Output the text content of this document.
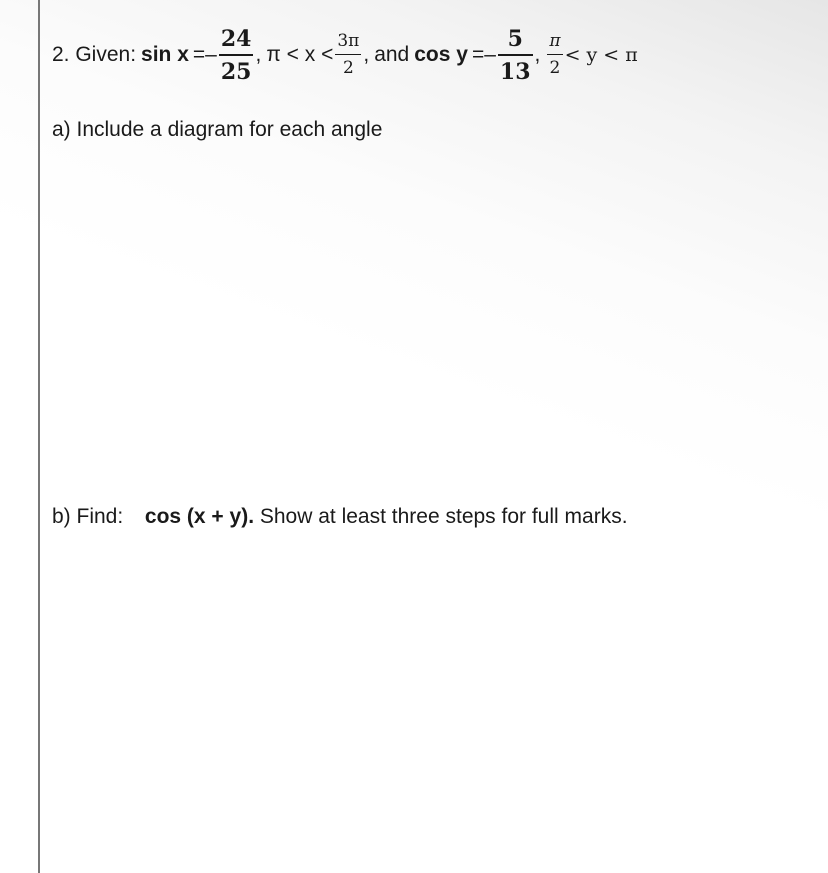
2. Given: $\sin x =- \frac{24}{25}$ , $\pi < x < \frac{3\pi}{2}$ , and $\cos y =- \frac{5}{13}$ , $\frac{\pi}{2} < y < \pi$
a) Include a diagram for each angle
b) Find: cos (x + y). Show at least three steps for full marks.
